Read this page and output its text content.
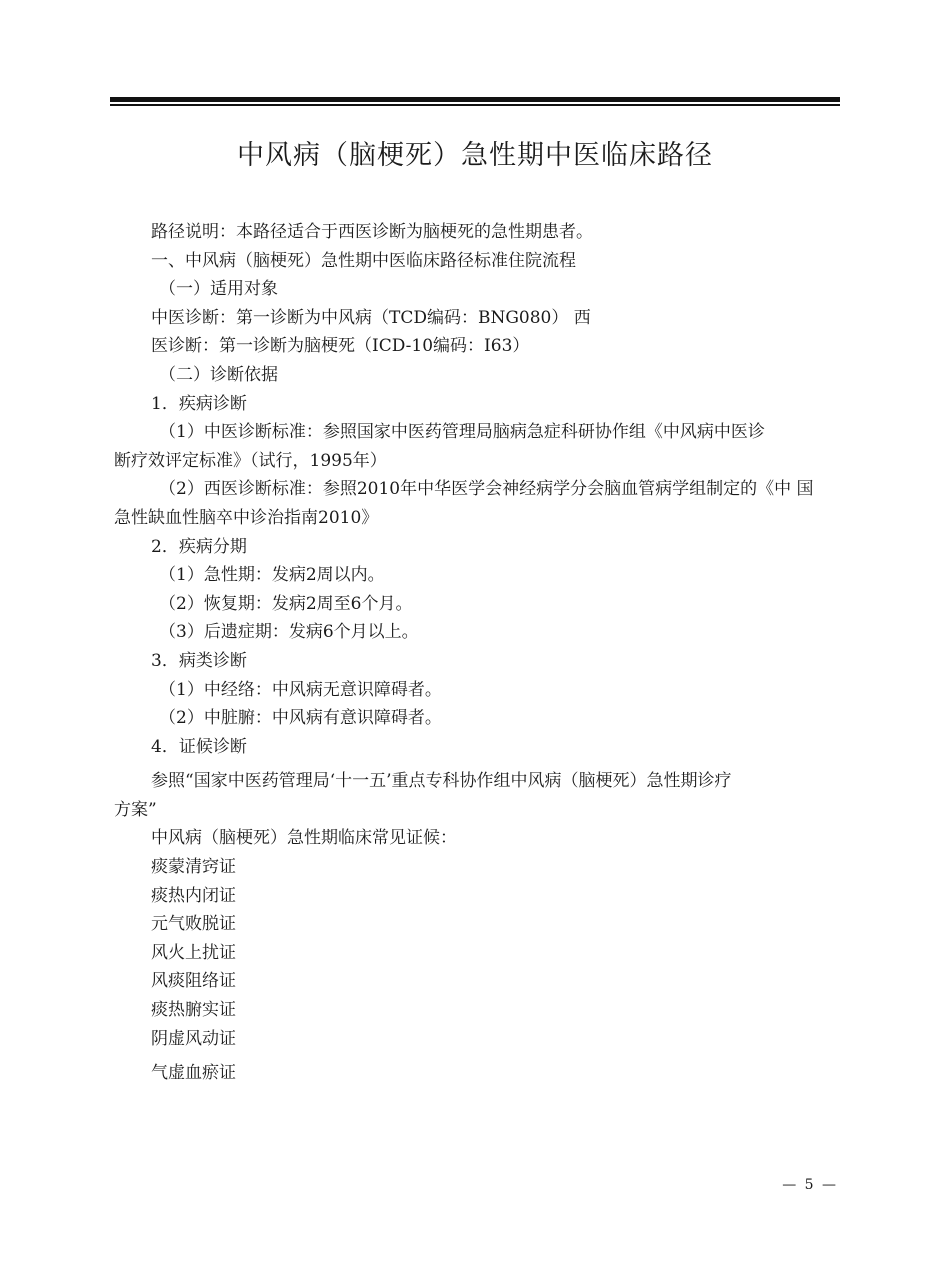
中风病（脑梗死）急性期中医临床路径
路径说明：本路径适合于西医诊断为脑梗死的急性期患者。
一、中风病（脑梗死）急性期中医临床路径标准住院流程
（一）适用对象
中医诊断：第一诊断为中风病（TCD编码：BNG080） 西
医诊断：第一诊断为脑梗死（ICD-10编码：I63）
（二）诊断依据
1．疾病诊断
（1）中医诊断标准：参照国家中医药管理局脑病急症科研协作组《中风病中医诊
断疗效评定标准》（试行，1995年）
（2）西医诊断标准：参照2010年中华医学会神经病学分会脑血管病学组制定的《中 国
急性缺血性脑卒中诊治指南2010》
2．疾病分期
（1）急性期：发病2周以内。
（2）恢复期：发病2周至6个月。
（3）后遗症期：发病6个月以上。
3．病类诊断
（1）中经络：中风病无意识障碍者。
（2）中脏腑：中风病有意识障碍者。
4．证候诊断
参照“国家中医药管理局‘十一五’重点专科协作组中风病（脑梗死）急性期诊疗
方案”
中风病（脑梗死）急性期临床常见证候：
痰蒙清窍证
痰热内闭证
元气败脱证
风火上扰证
风痰阻络证
痰热腑实证
阴虚风动证
气虚血瘀证
— 5 —
